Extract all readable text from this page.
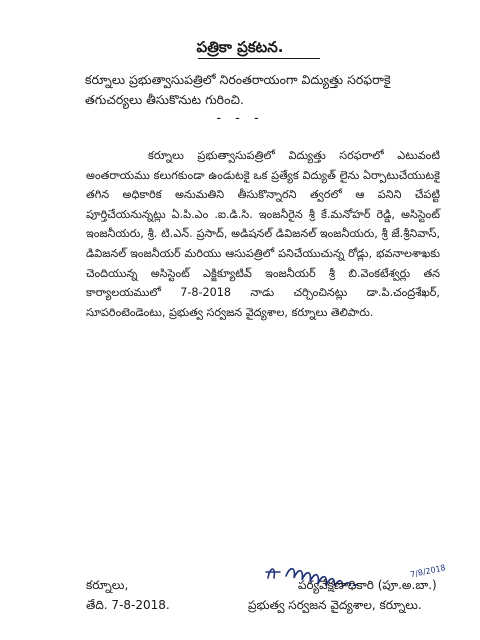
పత్రికా ప్రకటన.
కర్నూలు ప్రభుత్వాసుపత్రిలో నిరంతరాయంగా విద్యుత్తు సరఫరాకై తగుచర్యలు తీసుకొనుట గురించి.
- - -
కర్నూలు ప్రభుత్వాసుపత్రిలో విద్యుత్తు సరఫరాలో ఎటువంటి అంతరాయము కలుగకుండా ఉండుటకై ఒక ప్రత్యేక విద్యుత్ లైను ఏర్పాటుచేయుటకై తగిన అధికారిక అనుమతిని తీసుకొన్నారని త్వరలో ఆ పనిని చేపట్టి పూర్తిచేయనున్నట్లు ఏ.పి.ఎం .ఐ.డి.సి. ఇంజనీరైన శ్రీ కే.మనోహర్ రెడ్డి, అసిస్టెంట్ ఇంజనీయరు, శ్రీ. టి.ఎన్. ప్రసాద్, అడిషనల్ డివిజనల్ ఇంజనీయరు, శ్రీ జే.శ్రీనివాస్, డివిజనల్ ఇంజనీయర్ మరియు ఆసుపత్రిలో పనిచేయుచున్న రోడ్లు, భవనాలశాఖకు చెందియున్న అసిస్టెంట్ ఎక్జిక్యూటివ్ ఇంజనీయర్ శ్రీ బి.వెంకటేశ్వర్లు తన కార్యాలయములో 7-8-2018 నాడు చర్చించినట్లు డా.పి.చంద్రశేఖర్, సూపరింటెండెంటు, ప్రభుత్వ సర్వజన వైద్యశాల, కర్నూలు తెలిపారు.
7/8/2018
కర్నూలు,
తేది. 7-8-2018.
పర్యవేక్షణాధికారి (పూ.అ.బా.)
ప్రభుత్వ సర్వజన వైద్యశాల, కర్నూలు.
